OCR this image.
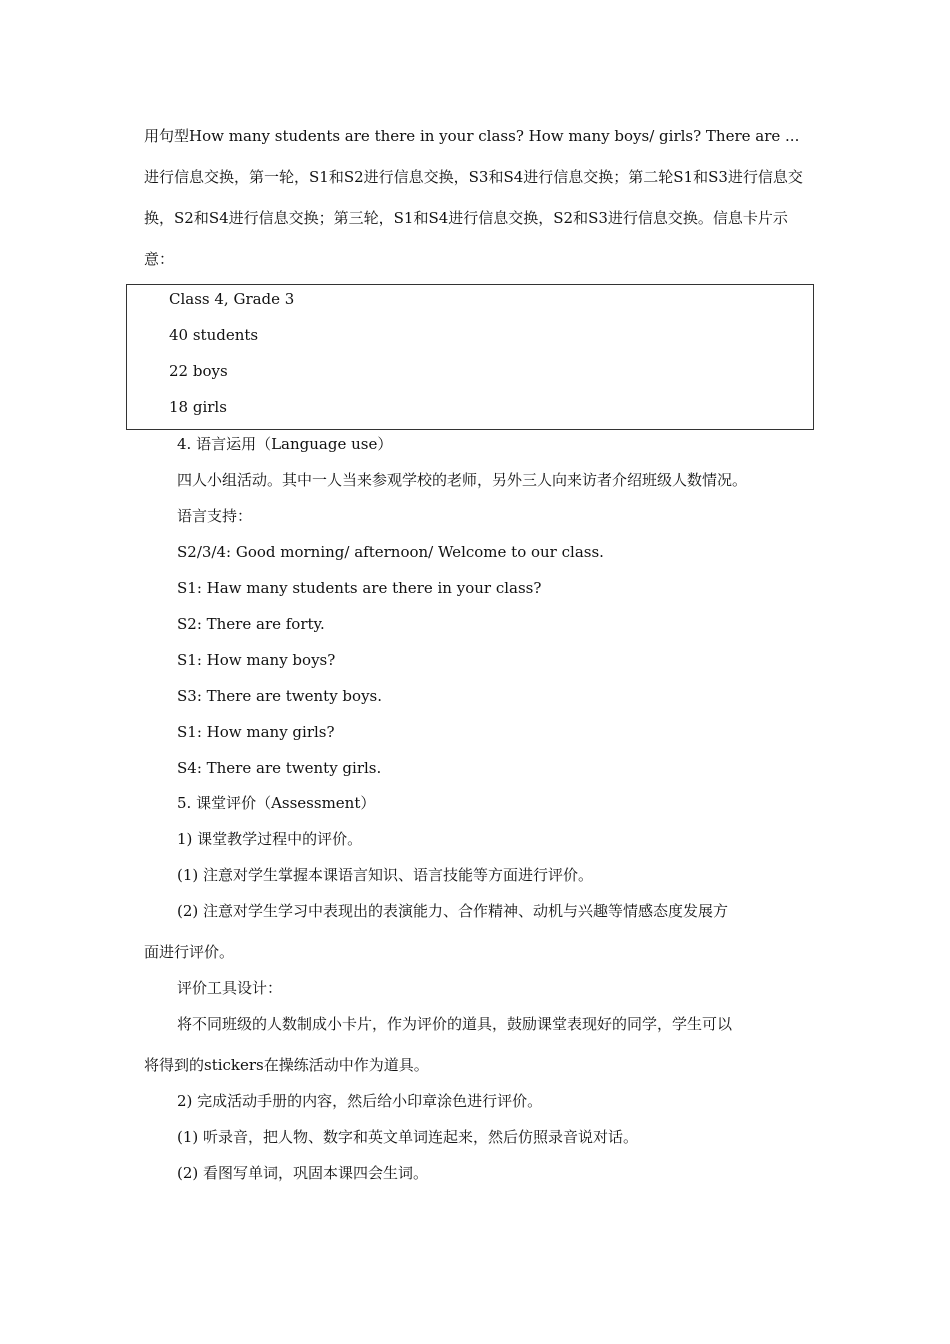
用句型How many students are there in your class? How many boys/ girls? There are ...进行信息交换，第一轮，S1和S2进行信息交换，S3和S4进行信息交换；第二轮S1和S3进行信息交换，S2和S4进行信息交换；第三轮，S1和S4进行信息交换，S2和S3进行信息交换。信息卡片示意：

Class 4, Grade 3

40 students

22 boys

18 girls

4. 语言运用（Language use）

四人小组活动。其中一人当来参观学校的老师，另外三人向来访者介绍班级人数情况。

语言支持：

S2/3/4: Good morning/ afternoon/ Welcome to our class.

S1: Haw many students are there in your class?

S2: There are forty.

S1: How many boys?

S3: There are twenty boys.

S1: How many girls?

S4: There are twenty girls.

5. 课堂评价（Assessment）

1) 课堂教学过程中的评价。

(1) 注意对学生掌握本课语言知识、语言技能等方面进行评价。

(2) 注意对学生学习中表现出的表演能力、合作精神、动机与兴趣等情感态度发展方

面进行评价。

评价工具设计：

将不同班级的人数制成小卡片，作为评价的道具，鼓励课堂表现好的同学，学生可以

将得到的stickers在操练活动中作为道具。

2) 完成活动手册的内容，然后给小印章涂色进行评价。

(1) 听录音，把人物、数字和英文单词连起来，然后仿照录音说对话。

(2) 看图写单词，巩固本课四会生词。
